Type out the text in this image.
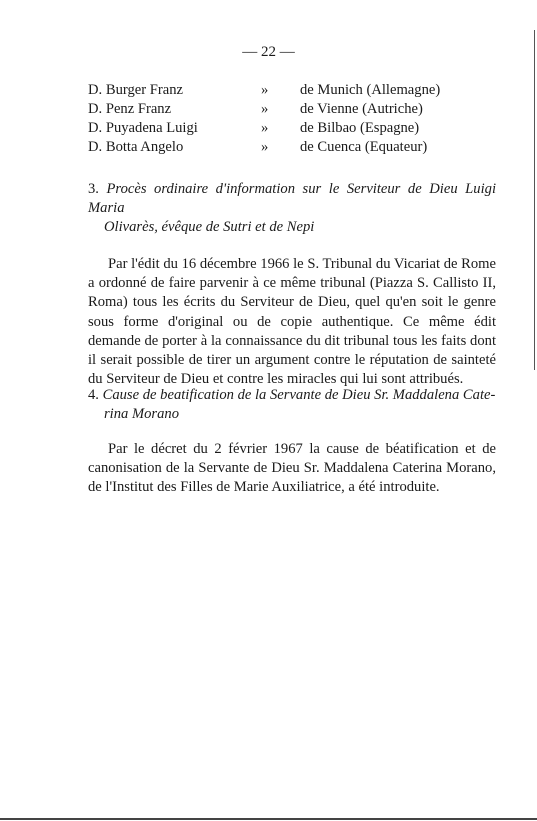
— 22 —
D. Burger Franz	» de Munich (Allemagne)
D. Penz Franz	» de Vienne (Autriche)
D. Puyadena Luigi	» de Bilbao (Espagne)
D. Botta Angelo	» de Cuenca (Equateur)
3. Procès ordinaire d'information sur le Serviteur de Dieu Luigi Maria
Olivarès, évêque de Sutri et de Nepi

Par l'édit du 16 décembre 1966 le S. Tribunal du Vicariat de Rome a ordonné de faire parvenir à ce même tribunal (Piazza S. Callisto II, Roma) tous les écrits du Serviteur de Dieu, quel qu'en soit le genre sous forme d'original ou de copie authentique. Ce même édit demande de porter à la connaissance du dit tribunal tous les faits dont il serait possible de tirer un argument contre le réputation de sainteté du Serviteur de Dieu et contre les miracles qui lui sont attribués.

4. Cause de beatification de la Servante de Dieu Sr. Maddalena Cate-
rina Morano

Par le décret du 2 février 1967 la cause de béatification et de canonisation de la Servante de Dieu Sr. Maddalena Caterina Morano, de l'Institut des Filles de Marie Auxiliatrice, a été introduite.
